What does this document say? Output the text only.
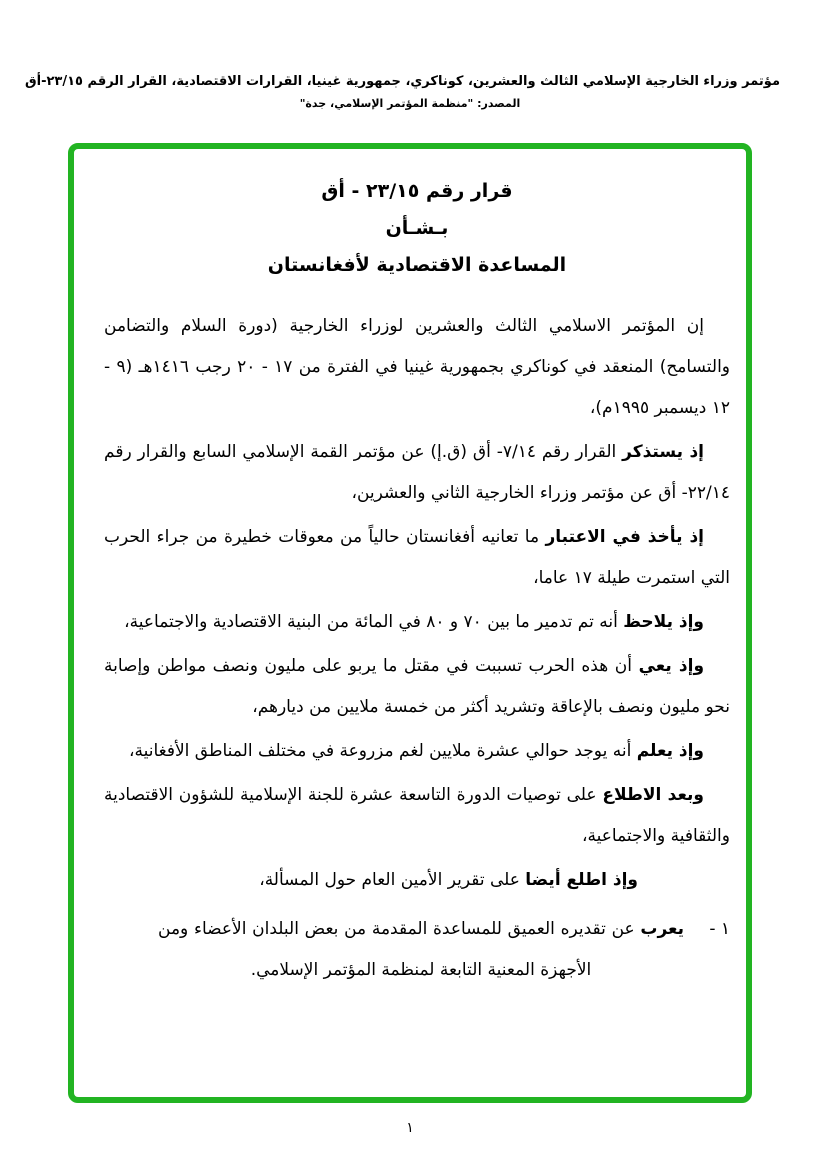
مؤتمر وزراء الخارجية الإسلامي الثالث والعشرين، كوناكري، جمهورية غينيا، القرارات الاقتصادية، القرار الرقم ٢٣/١٥-أق
المصدر: "منظمة المؤتمر الإسلامي، جدة"
قرار رقم ٢٣/١٥ - أق
بـشـأن
المساعدة الاقتصادية لأفغانستان

إن المؤتمر الاسلامي الثالث والعشرين لوزراء الخارجية (دورة السلام والتضامن والتسامح) المنعقد في كوناكري بجمهورية غينيا في الفترة من ١٧ - ٢٠ رجب ١٤١٦هـ (٩ - ١٢ ديسمبر ١٩٩٥م)،

إذ يستذكر القرار رقم ٧/١٤- أق (ق.إ) عن مؤتمر القمة الإسلامي السابع والقرار رقم ٢٢/١٤- أق عن مؤتمر وزراء الخارجية الثاني والعشرين،

إذ يأخذ في الاعتبار ما تعانيه أفغانستان حالياً من معوقات خطيرة من جراء الحرب التي استمرت طيلة ١٧ عاما،

وإذ يلاحظ أنه تم تدمير ما بين ٧٠ و ٨٠ في المائة من البنية الاقتصادية والاجتماعية،

وإذ يعي أن هذه الحرب تسببت في مقتل ما يربو على مليون ونصف مواطن وإصابة نحو مليون ونصف بالإعاقة وتشريد أكثر من خمسة ملايين من ديارهم،

وإذ يعلم أنه يوجد حوالي عشرة ملايين لغم مزروعة في مختلف المناطق الأفغانية،

وبعد الاطلاع على توصيات الدورة التاسعة عشرة للجنة الإسلامية للشؤون الاقتصادية والثقافية والاجتماعية،

وإذ اطلع أيضا على تقرير الأمين العام حول المسألة،

١ -

يعرب عن تقديره العميق للمساعدة المقدمة من بعض البلدان الأعضاء ومن الأجهزة المعنية التابعة لمنظمة المؤتمر الإسلامي.

١
